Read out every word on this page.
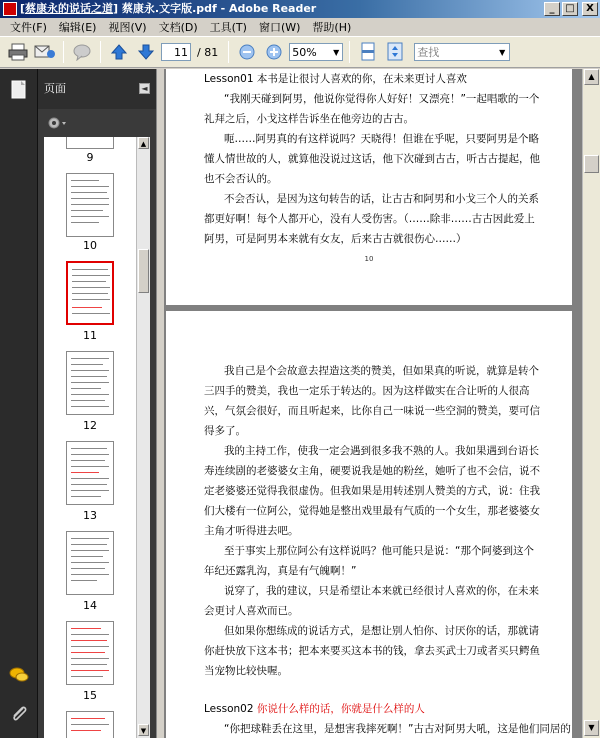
[蔡康永的说话之道] 蔡康永.文字版.pdf - Adobe Reader	_	□	X
文件(F)	编辑(E)	视图(V)	文档(D)	工具(T)	窗口(W)	帮助(H)
11
/ 81
50%	▼
查找	▼
页面	◄
9
10
11
12
13
14
15
▲
▼

Lesson01 本书是让很讨人喜欢的你，在未来更讨人喜欢

“我刚天碰到阿男，他说你觉得你人好好！又漂亮！”一起唱歌的一个礼拜之后，小戈这样告诉坐在他旁边的古古。

呃……阿男真的有这样说吗？天晓得！但谁在乎呢，只要阿男是个略懂人情世故的人，就算他没说过这话，他下次碰到古古，听古古提起，他也不会否认的。

不会否认，是因为这句转告的话，让古古和阿男和小戈三个人的关系都更好啊！每个人都开心，没有人受伤害。（……除非……古古因此爱上阿男，可是阿男本来就有女友，后来古古就很伤心……）

10

我自己是个会故意去捏造这类的赞美，但如果真的听说，就算是转个三四手的赞美，我也一定乐于转达的。因为这样做实在合让听的人很高兴，气氛会很好，而且听起来，比你自己一味说一些空洞的赞美，要可信得多了。

我的主持工作，使我一定会遇到很多我不熟的人。我如果遇到台语长寿连续剧的老婆婆女主角，硬要说我是她的粉丝，她听了也不会信，说不定老婆婆还觉得我很虚伪。但我如果是用转述别人赞美的方式，说：住我们大楼有一位阿公，觉得她是整出戏里最有气质的一个女生，那老婆婆女主角才听得进去吧。

至于事实上那位阿公有这样说吗？他可能只是说：“那个阿婆到这个年纪还露乳沟，真是有气魄啊！”

说穿了，我的建议，只是希望让本来就已经很讨人喜欢的你，在未来会更讨人喜欢而已。

但如果你想练成的说话方式，是想让别人怕你、讨厌你的话，那就请你赶快放下这本书；把本来要买这本书的钱，拿去买武士刀或者买只鳄鱼当宠物比较快喔。

Lesson02 你说什么样的话，你就是什么样的人

“你把球鞋丢在这里，是想害我摔死啊！”古古对阿男大吼，这是他们同居的

▲
▼
